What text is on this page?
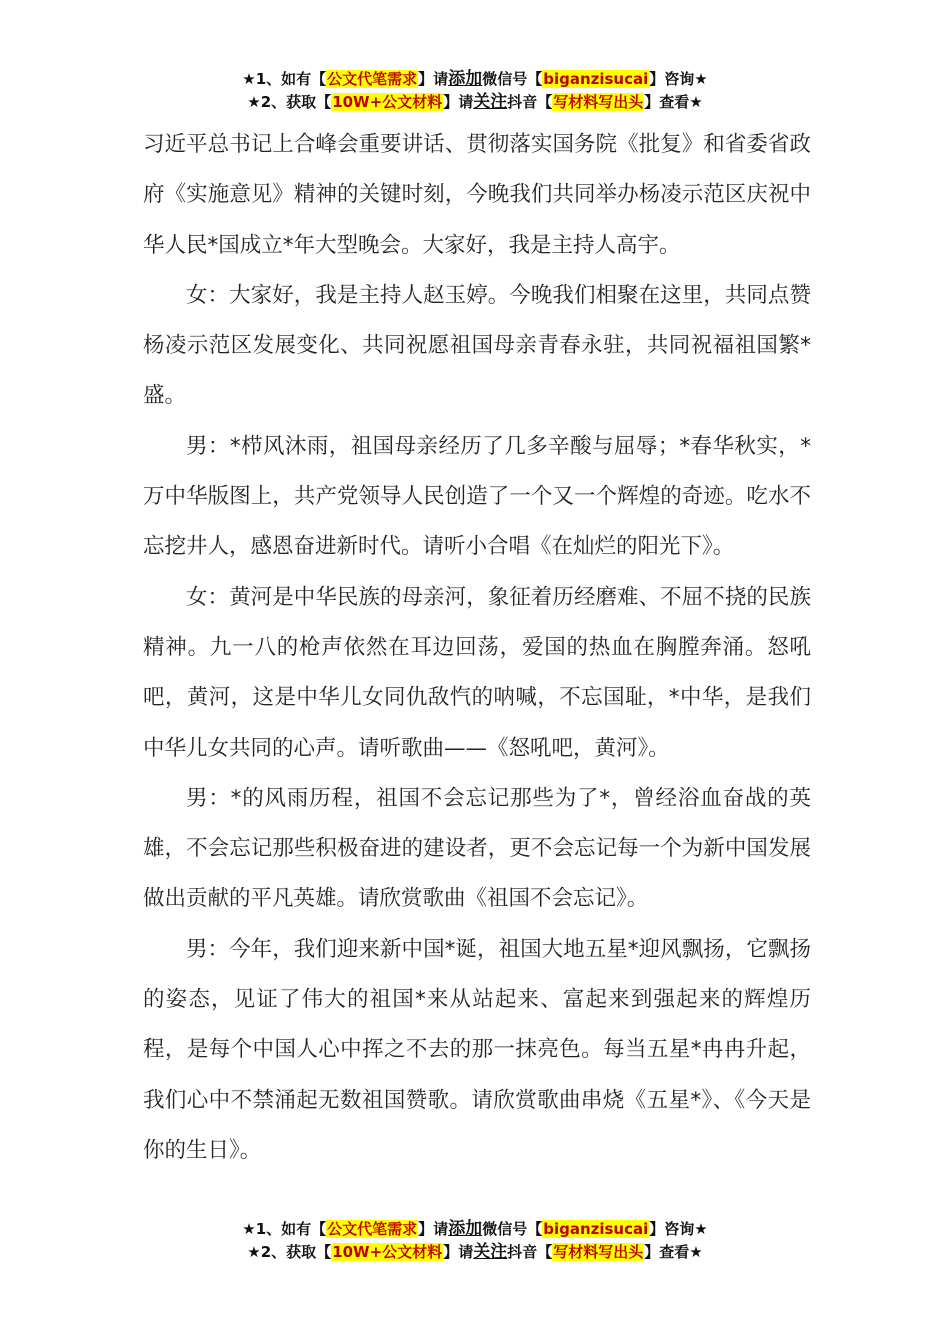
★1、如有【公文代笔需求】请添加微信号【biganzisucai】咨询★
★2、获取【10W+公文材料】请关注抖音【写材料写出头】查看★

习近平总书记上合峰会重要讲话、贯彻落实国务院《批复》和省委省政府《实施意见》精神的关键时刻，今晚我们共同举办杨凌示范区庆祝中华人民*国成立*年大型晚会。大家好，我是主持人高宇。

女：大家好，我是主持人赵玉婷。今晚我们相聚在这里，共同点赞杨凌示范区发展变化、共同祝愿祖国母亲青春永驻，共同祝福祖国繁*盛。

男：*栉风沐雨，祖国母亲经历了几多辛酸与屈辱；*春华秋实，*万中华版图上，共产党领导人民创造了一个又一个辉煌的奇迹。吃水不忘挖井人，感恩奋进新时代。请听小合唱《在灿烂的阳光下》。

女：黄河是中华民族的母亲河，象征着历经磨难、不屈不挠的民族精神。九一八的枪声依然在耳边回荡，爱国的热血在胸膛奔涌。怒吼吧，黄河，这是中华儿女同仇敌忾的呐喊，不忘国耻，*中华，是我们中华儿女共同的心声。请听歌曲——《怒吼吧，黄河》。

男：*的风雨历程，祖国不会忘记那些为了*，曾经浴血奋战的英雄，不会忘记那些积极奋进的建设者，更不会忘记每一个为新中国发展做出贡献的平凡英雄。请欣赏歌曲《祖国不会忘记》。

男：今年，我们迎来新中国*诞，祖国大地五星*迎风飘扬，它飘扬的姿态，见证了伟大的祖国*来从站起来、富起来到强起来的辉煌历程，是每个中国人心中挥之不去的那一抹亮色。每当五星*冉冉升起，我们心中不禁涌起无数祖国赞歌。请欣赏歌曲串烧《五星*》、《今天是你的生日》。

★1、如有【公文代笔需求】请添加微信号【biganzisucai】咨询★
★2、获取【10W+公文材料】请关注抖音【写材料写出头】查看★
